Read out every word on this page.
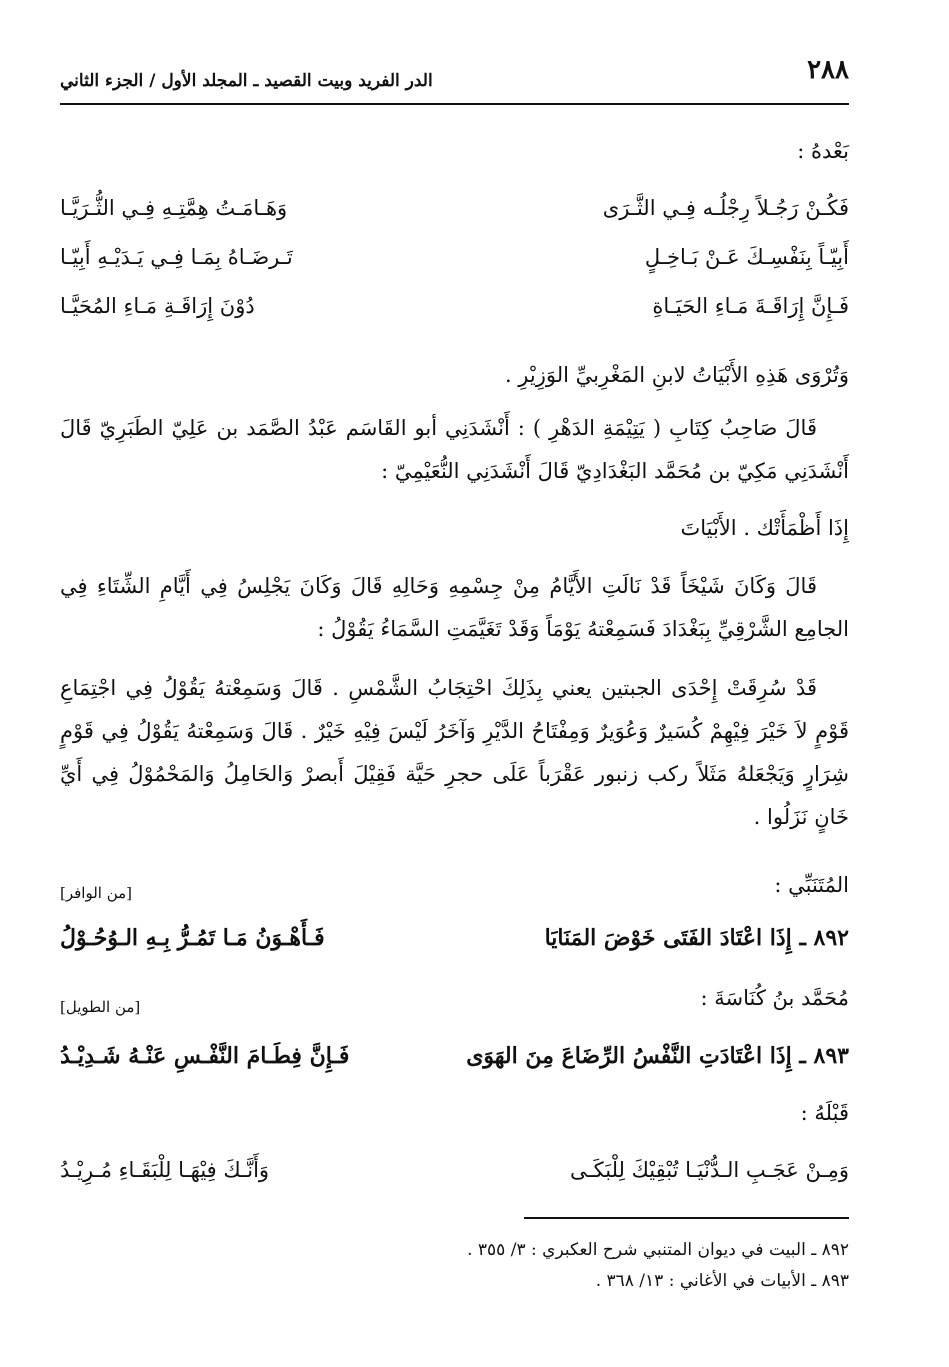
٢٨٨
الدر الفريد وبيت القصيد ـ المجلد الأول / الجزء الثاني
بَعْدهُ :
فَكُـنْ رَجُـلاً رِجْلُـه فِـي الثَّـرَى
وَهَـامَـتُ هِمَّتِـهِ فِـي الثُّـرَيَّـا
أَبِيّـاً بِنَفْسِـكَ عَـنْ بَـاخِـلٍ
تَـرضَـاهُ بِمَـا فِـي يَـدَيْـهِ أَبِيّـا
فَـإِنَّ إِرَاقَـةَ مَـاءِ الحَيَـاةِ
دُوْنَ إِرَاقَـةِ مَـاءِ المُحَيَّـا
وَتُرْوَى هَذِهِ الأَبْيَاتُ لابنِ المَغْرِبيِّ الوَزِيْرِ .

قَالَ صَاحِبُ كِتَابِ ( يَتِيْمَةِ الدَهْرِ ) : أَنْشَدَنِي أبو القَاسَم عَبْدُ الصَّمَد بن عَلِيّ الطَبَرِيّ قَالَ أَنْشَدَنِي مَكِيّ بن مُحَمَّد البَغْدَادِيّ قَالَ أَنْشَدَنِي النُّعَيْمِيّ :

إِذَا أَظْمَأَتْك . الأَبْيَاتَ

قَالَ وَكَانَ شَيْخَاً قَدْ نَالَتِ الأَيَّامُ مِنْ جِسْمِهِ وَحَالِهِ قَالَ وَكَانَ يَجْلِسُ فِي أَيَّامِ الشِّتَاءِ فِي الجامِع الشَّرْقِيِّ بِبَغْدَادَ فَسَمِعْتهُ يَوْمَاً وَقَدْ تَغَيَّمَتِ السَّمَاءُ يَقُوْلُ :

قَدْ سُرِقَتْ إِحْدَى الجبتين يعني بِذَلِكَ احْتِجَابُ الشَّمْسِ . قَالَ وَسَمِعْتهُ يَقُوْلُ فِي اجْتِمَاعِ قَوْمٍ لاَ خَيْرَ فِيْهِمْ كُسَيرٌ وَعُوَيرٌ وَمِفْتَاحُ الدَّيْرِ وَآخَرُ لَيْسَ فِيْهِ خَيْرٌ . قَالَ وَسَمِعْتهُ يَقُوْلُ فِي قَوْمٍ شِرَارٍ وَيَجْعَلهُ مَثَلاً ركب زنبور عَقْرَباً عَلَى حجرِ حَيَّة فَقِيْلَ أَبصرْ وَالحَامِلُ وَالمَحْمُوْلُ فِي أَيِّ خَانٍ نَزَلُوا .

المُتَنَبِّي :
[من الوافر]
٨٩٢ ـ إِذَا اعْتَادَ الفَتَى خَوْضَ المَنَايَا
فَـأَهْـوَنُ مَـا تَمُـرُّ بِـهِ الـوُحُـوْلُ
مُحَمَّد بنُ كُنَاسَةَ :
[من الطويل]
٨٩٣ ـ إِذَا اعْتَادَتِ النَّفْسُ الرِّضَاعَ مِنَ الهَوَى
فَـإِنَّ فِطَـامَ النَّفْـسِ عَنْـهُ شَـدِيْـدُ
قَبْلَهُ :
وَمِـنْ عَجَـبِ الـدُّنْيَـا تُبْقِيْكَ لِلْبَكَـى
وَأَنَّـكَ فِيْهَـا لِلْبَقَـاءِ مُـرِيْـدُ
٨٩٢ ـ البيت في ديوان المتنبي شرح العكبري : ٣/ ٣٥٥ .
٨٩٣ ـ الأبيات في الأغاني : ١٣/ ٣٦٨ .
